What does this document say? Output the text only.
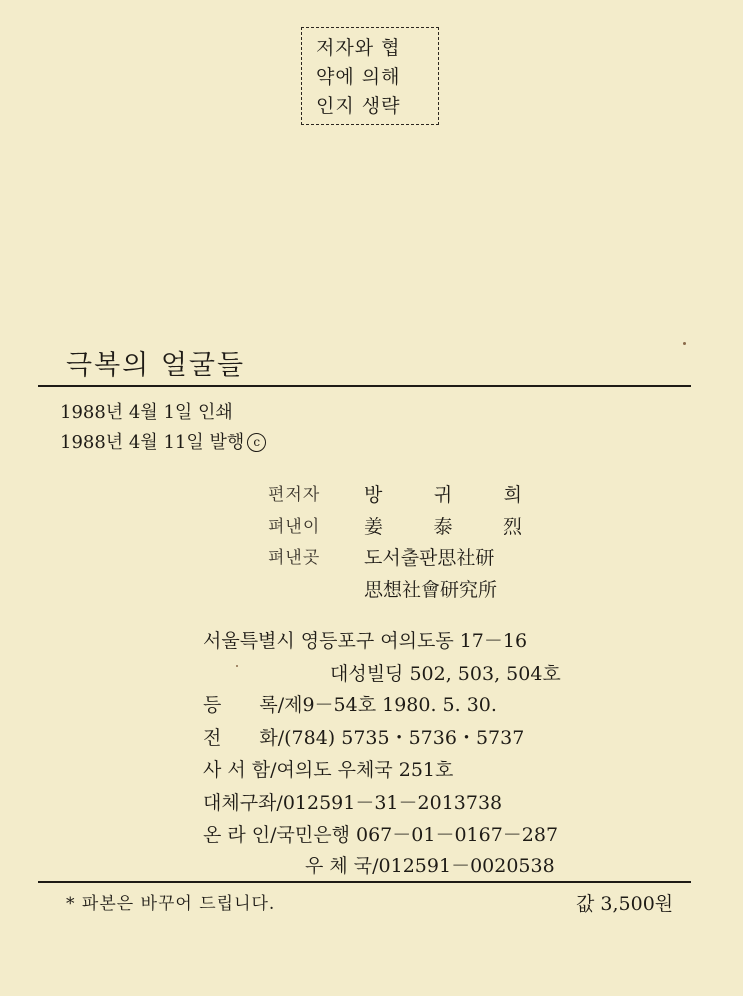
저자와 협
약에 의해
인지 생략
극복의 얼굴들
1988년 4월 1일 인쇄
1988년 4월 11일 발행 c
편저자 방	귀	희
펴낸이 姜	泰	烈
펴낸곳 도서출판思社研
思想社會研究所
서울특별시 영등포구 여의도동 17－16
대성빌딩 502, 503, 504호
등　　록/제9－54호 1980. 5. 30.
전　　화/(784) 5735・5736・5737
사 서 함/여의도 우체국 251호
대체구좌/012591－31－2013738
온 라 인/국민은행 067－01－0167－287
우 체 국/012591－0020538
* 파본은 바꾸어 드립니다.	값 3,500원
